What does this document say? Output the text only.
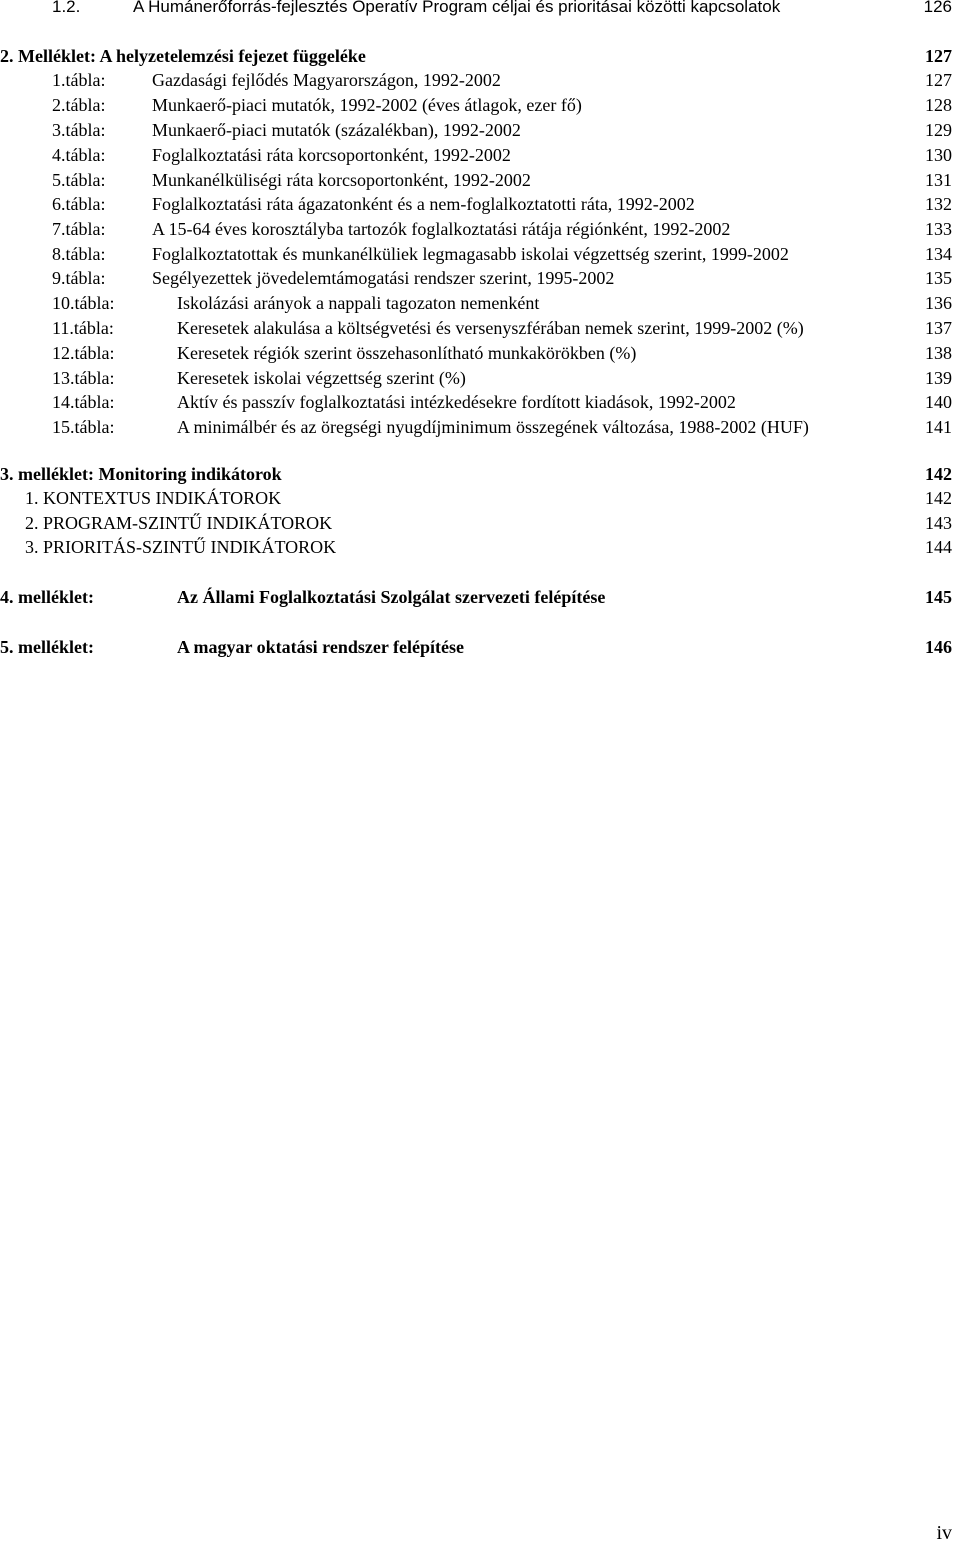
1.2.	A Humánerőforrás-fejlesztés Operatív Program céljai és prioritásai közötti kapcsolatok	126
2. Melléklet: A helyzetelemzési fejezet függeléke	127
1.tábla:	Gazdasági fejlődés Magyarországon, 1992-2002	127
2.tábla:	Munkaerő-piaci mutatók, 1992-2002 (éves átlagok, ezer fő)	128
3.tábla:	Munkaerő-piaci mutatók (százalékban), 1992-2002	129
4.tábla:	Foglalkoztatási ráta korcsoportonként, 1992-2002	130
5.tábla:	Munkanélküliségi ráta korcsoportonként, 1992-2002	131
6.tábla:	Foglalkoztatási ráta ágazatonként és a nem-foglalkoztatotti ráta, 1992-2002	132
7.tábla:	A 15-64 éves korosztályba tartozók foglalkoztatási rátája régiónként, 1992-2002	133
8.tábla:	Foglalkoztatottak és munkanélküliek legmagasabb iskolai végzettség szerint, 1999-2002	134
9.tábla:	Segélyezettek jövedelemtámogatási rendszer szerint, 1995-2002	135
10.tábla:	Iskolázási arányok a nappali tagozaton nemenként	136
11.tábla:	Keresetek alakulása a költségvetési és versenyszférában nemek szerint, 1999-2002 (%)	137
12.tábla:	Keresetek régiók szerint összehasonlítható munkakörökben (%)	138
13.tábla:	Keresetek iskolai végzettség szerint (%)	139
14.tábla:	Aktív és passzív foglalkoztatási intézkedésekre fordított kiadások, 1992-2002	140
15.tábla:	A minimálbér és az öregségi nyugdíjminimum összegének változása, 1988-2002 (HUF)	141
3. melléklet: Monitoring indikátorok	142
1. KONTEXTUS INDIKÁTOROK	142
2. PROGRAM-SZINTŰ INDIKÁTOROK	143
3. PRIORITÁS-SZINTŰ INDIKÁTOROK	144
4. melléklet:	Az Állami Foglalkoztatási Szolgálat szervezeti felépítése	145
5. melléklet:	A magyar oktatási rendszer felépítése	146
iv
